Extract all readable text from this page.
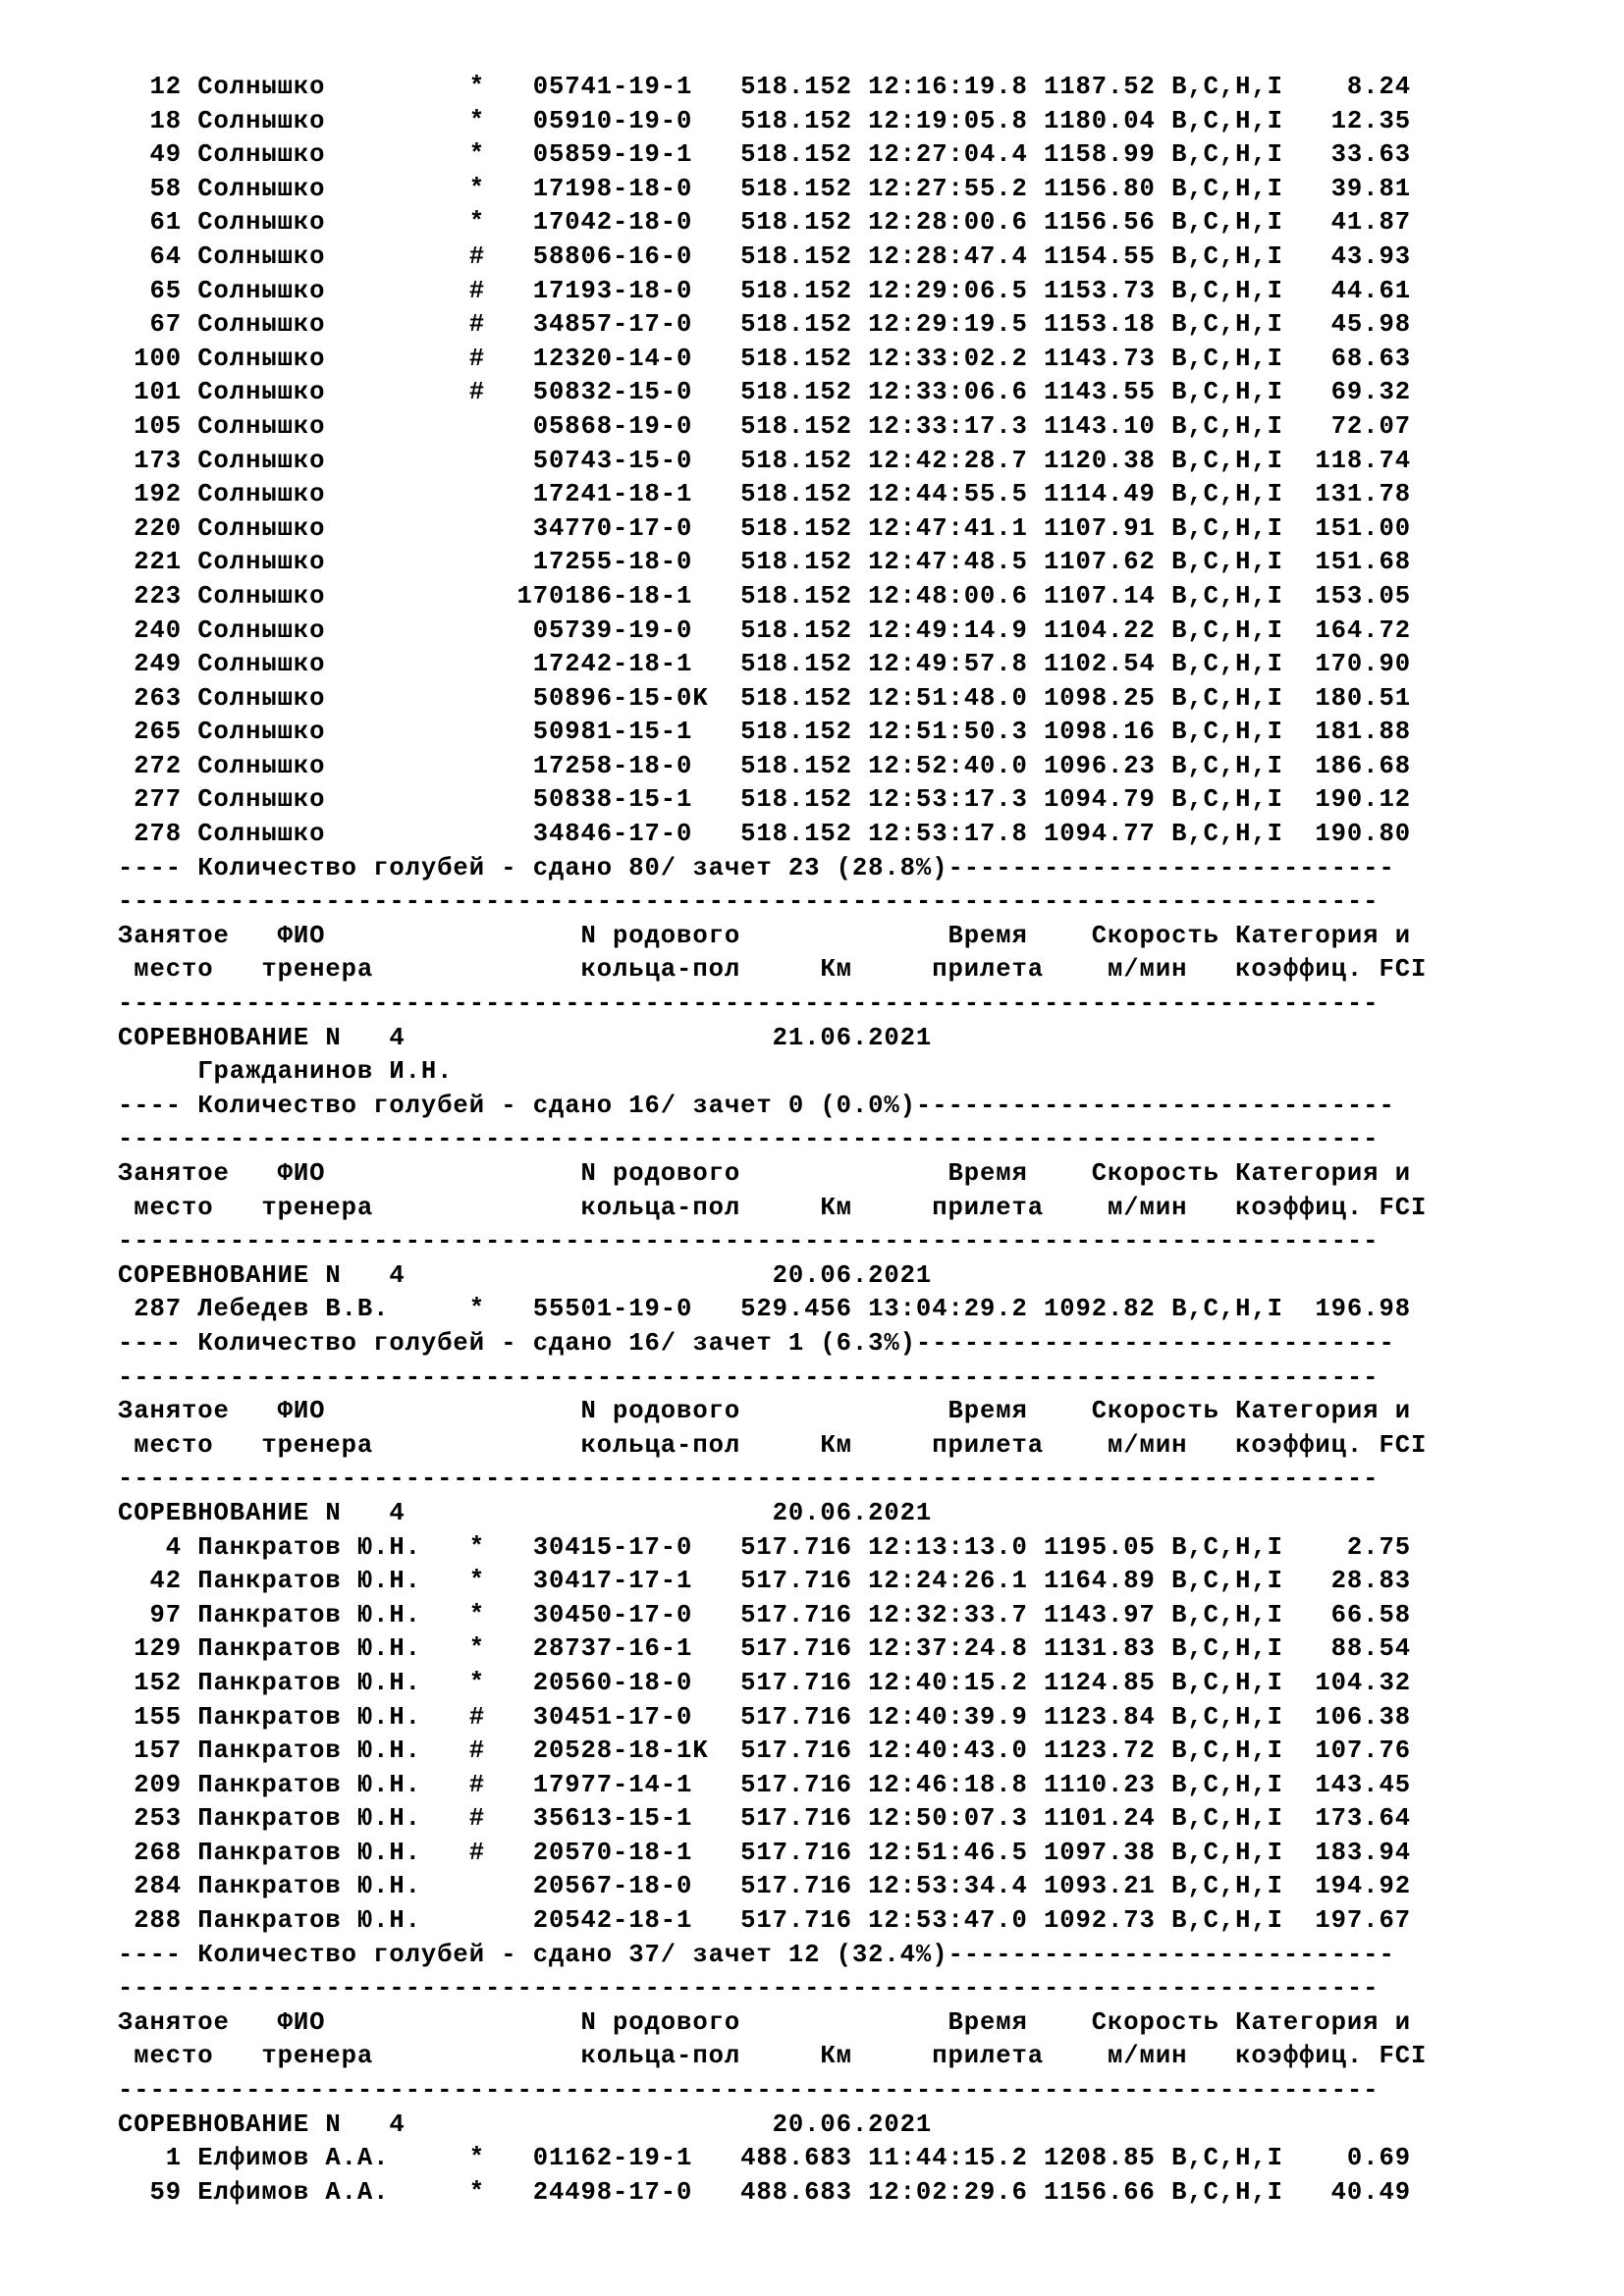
12 Солнышко         *   05741-19-1   518.152 12:16:19.8 1187.52 B,C,H,I    8.24
18 Солнышко         *   05910-19-0   518.152 12:19:05.8 1180.04 B,C,H,I   12.35
49 Солнышко         *   05859-19-1   518.152 12:27:04.4 1158.99 B,C,H,I   33.63
58 Солнышко         *   17198-18-0   518.152 12:27:55.2 1156.80 B,C,H,I   39.81
61 Солнышко         *   17042-18-0   518.152 12:28:00.6 1156.56 B,C,H,I   41.87
64 Солнышко         #   58806-16-0   518.152 12:28:47.4 1154.55 B,C,H,I   43.93
65 Солнышко         #   17193-18-0   518.152 12:29:06.5 1153.73 B,C,H,I   44.61
67 Солнышко         #   34857-17-0   518.152 12:29:19.5 1153.18 B,C,H,I   45.98
100 Солнышко         #   12320-14-0   518.152 12:33:02.2 1143.73 B,C,H,I   68.63
101 Солнышко         #   50832-15-0   518.152 12:33:06.6 1143.55 B,C,H,I   69.32
105 Солнышко             05868-19-0   518.152 12:33:17.3 1143.10 B,C,H,I   72.07
173 Солнышко             50743-15-0   518.152 12:42:28.7 1120.38 B,C,H,I  118.74
192 Солнышко             17241-18-1   518.152 12:44:55.5 1114.49 B,C,H,I  131.78
220 Солнышко             34770-17-0   518.152 12:47:41.1 1107.91 B,C,H,I  151.00
221 Солнышко             17255-18-0   518.152 12:47:48.5 1107.62 B,C,H,I  151.68
223 Солнышко            170186-18-1   518.152 12:48:00.6 1107.14 B,C,H,I  153.05
240 Солнышко             05739-19-0   518.152 12:49:14.9 1104.22 B,C,H,I  164.72
249 Солнышко             17242-18-1   518.152 12:49:57.8 1102.54 B,C,H,I  170.90
263 Солнышко             50896-15-0K  518.152 12:51:48.0 1098.25 B,C,H,I  180.51
265 Солнышко             50981-15-1   518.152 12:51:50.3 1098.16 B,C,H,I  181.88
272 Солнышко             17258-18-0   518.152 12:52:40.0 1096.23 B,C,H,I  186.68
277 Солнышко             50838-15-1   518.152 12:53:17.3 1094.79 B,C,H,I  190.12
278 Солнышко             34846-17-0   518.152 12:53:17.8 1094.77 B,C,H,I  190.80
---- Количество голубей - сдано 80/ зачет 23 (28.8%)----------------------------
-------------------------------------------------------------------------------
Занятое   ФИО                N родового             Время    Скорость Категория и
место   тренера             кольца-пол     Км     прилета    м/мин   коэффиц. FCI
-------------------------------------------------------------------------------
СОРЕВНОВАНИЕ N   4                       21.06.2021
Гражданинов И.Н.
---- Количество голубей - сдано 16/ зачет 0 (0.0%)------------------------------
-------------------------------------------------------------------------------
Занятое   ФИО                N родового             Время    Скорость Категория и
место   тренера             кольца-пол     Км     прилета    м/мин   коэффиц. FCI
-------------------------------------------------------------------------------
СОРЕВНОВАНИЕ N   4                       20.06.2021
287 Лебедев В.В.     *   55501-19-0   529.456 13:04:29.2 1092.82 B,C,H,I  196.98
---- Количество голубей - сдано 16/ зачет 1 (6.3%)------------------------------
-------------------------------------------------------------------------------
Занятое   ФИО                N родового             Время    Скорость Категория и
место   тренера             кольца-пол     Км     прилета    м/мин   коэффиц. FCI
-------------------------------------------------------------------------------
СОРЕВНОВАНИЕ N   4                       20.06.2021
4 Панкратов Ю.Н.   *   30415-17-0   517.716 12:13:13.0 1195.05 B,C,H,I    2.75
42 Панкратов Ю.Н.   *   30417-17-1   517.716 12:24:26.1 1164.89 B,C,H,I   28.83
97 Панкратов Ю.Н.   *   30450-17-0   517.716 12:32:33.7 1143.97 B,C,H,I   66.58
129 Панкратов Ю.Н.   *   28737-16-1   517.716 12:37:24.8 1131.83 B,C,H,I   88.54
152 Панкратов Ю.Н.   *   20560-18-0   517.716 12:40:15.2 1124.85 B,C,H,I  104.32
155 Панкратов Ю.Н.   #   30451-17-0   517.716 12:40:39.9 1123.84 B,C,H,I  106.38
157 Панкратов Ю.Н.   #   20528-18-1K  517.716 12:40:43.0 1123.72 B,C,H,I  107.76
209 Панкратов Ю.Н.   #   17977-14-1   517.716 12:46:18.8 1110.23 B,C,H,I  143.45
253 Панкратов Ю.Н.   #   35613-15-1   517.716 12:50:07.3 1101.24 B,C,H,I  173.64
268 Панкратов Ю.Н.   #   20570-18-1   517.716 12:51:46.5 1097.38 B,C,H,I  183.94
284 Панкратов Ю.Н.       20567-18-0   517.716 12:53:34.4 1093.21 B,C,H,I  194.92
288 Панкратов Ю.Н.       20542-18-1   517.716 12:53:47.0 1092.73 B,C,H,I  197.67
---- Количество голубей - сдано 37/ зачет 12 (32.4%)----------------------------
-------------------------------------------------------------------------------
Занятое   ФИО                N родового             Время    Скорость Категория и
место   тренера             кольца-пол     Км     прилета    м/мин   коэффиц. FCI
-------------------------------------------------------------------------------
СОРЕВНОВАНИЕ N   4                       20.06.2021
1 Елфимов А.А.     *   01162-19-1   488.683 11:44:15.2 1208.85 B,C,H,I    0.69
59 Елфимов А.А.     *   24498-17-0   488.683 12:02:29.6 1156.66 B,C,H,I   40.49
